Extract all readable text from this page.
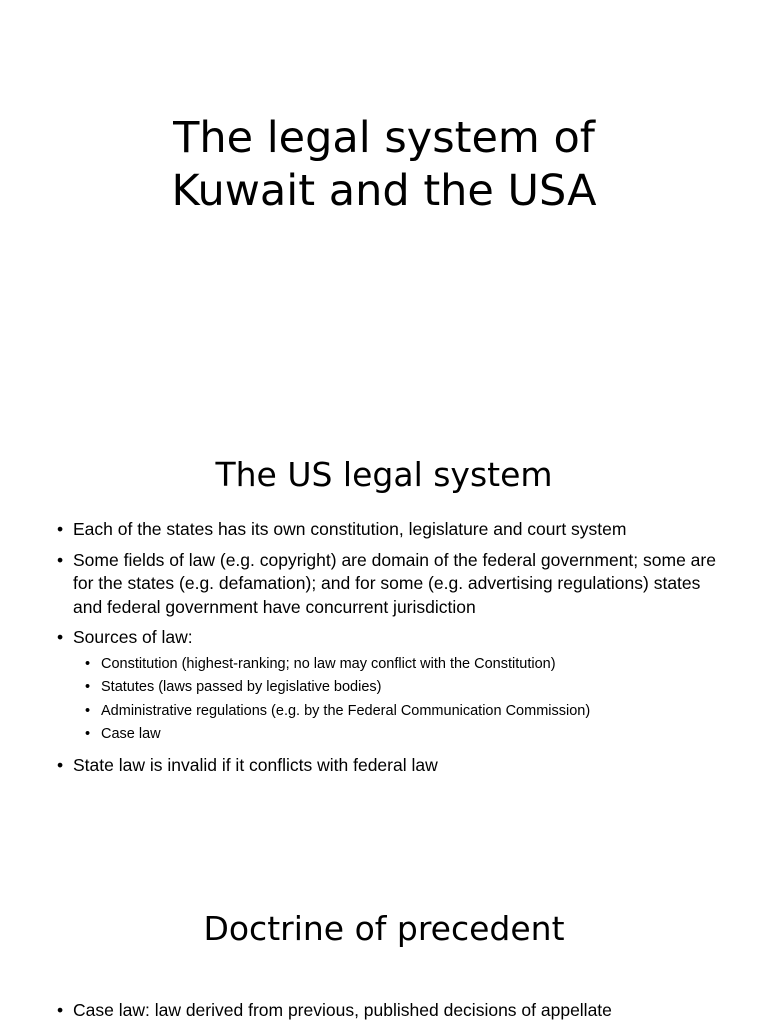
The legal system of
Kuwait and the USA
The US legal system
• Each of the states has its own constitution, legislature and court system
• Some fields of law (e.g. copyright) are domain of the federal government; some are for the states (e.g. defamation); and for some (e.g. advertising regulations) states and federal government have concurrent jurisdiction
• Sources of law:
• Constitution (highest-ranking; no law may conflict with the Constitution)
• Statutes (laws passed by legislative bodies)
• Administrative regulations (e.g. by the Federal Communication Commission)
• Case law
• State law is invalid if it conflicts with federal law
Doctrine of precedent
• Case law: law derived from previous, published decisions of appellate
